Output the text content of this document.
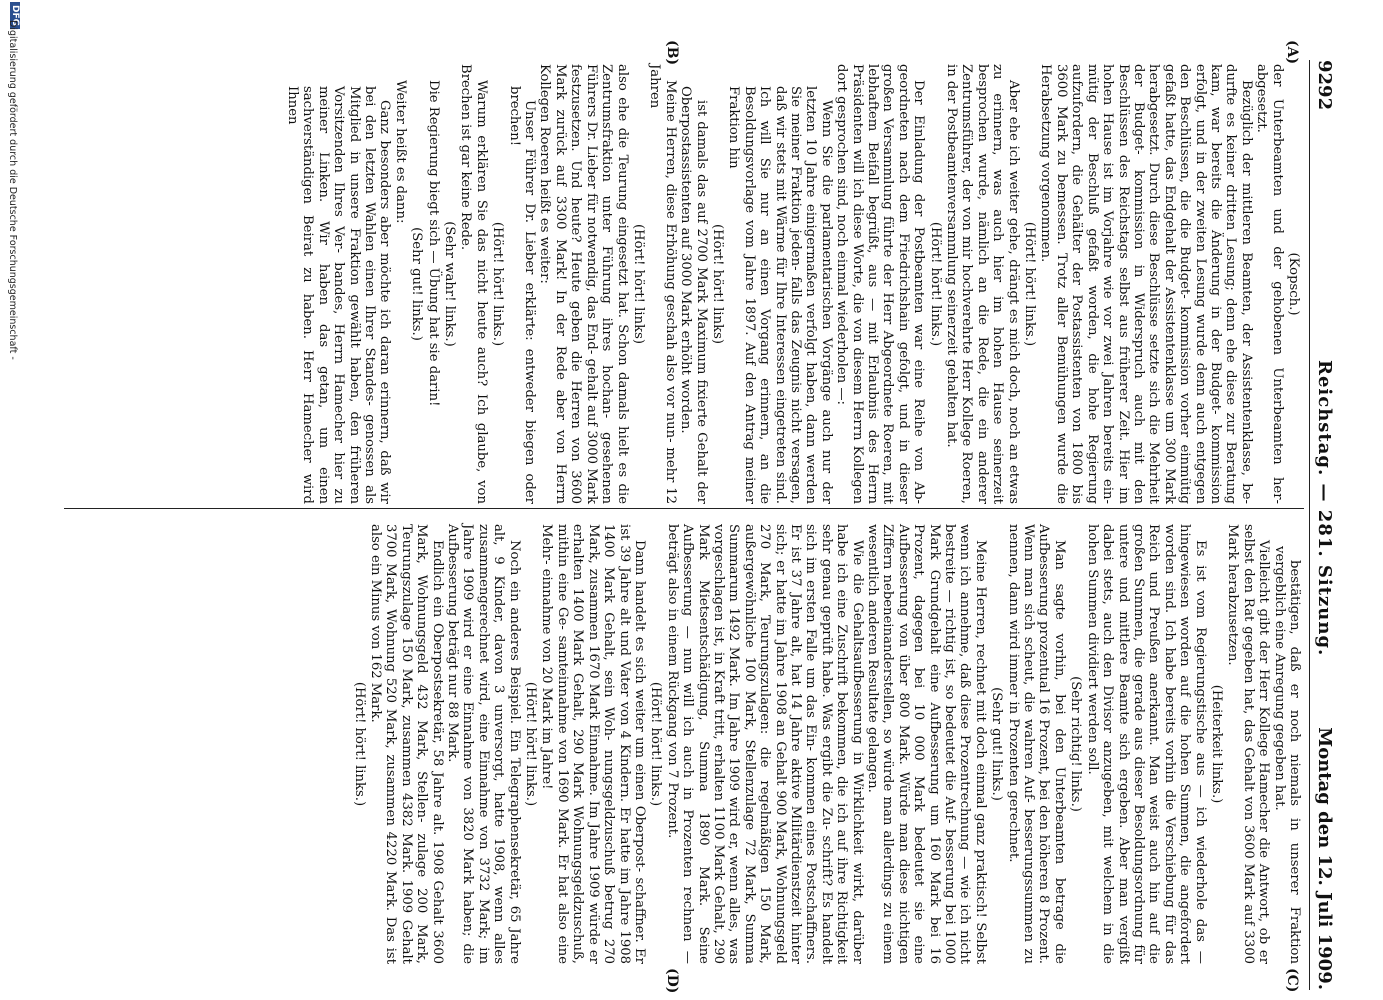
9292
Reichstag. — 281. Sitzung.
Montag den 12. Juli 1909.
(A)
(B)
(C)
(D)

(Kopsch.)

der Unterbeamten und der gehobenen Unterbeamten her- abgesetzt.

Bezüglich der mittleren Beamten, der Assistentenklasse, be- durfte es keiner dritten Lesung; denn ehe diese zur Beratung kam, war bereits die Änderung in der Budget- kommission erfolgt, und in der zweiten Lesung wurde denn auch entgegen den Beschlüssen, die die Budget- kommission vorher einmütig gefaßt hatte, das Endgehalt der Assistentenklasse um 300 Mark herabgesetzt. Durch diese Beschlüsse setzte sich die Mehrheit der Budget- kommission in Widerspruch auch mit den Beschlüssen des Reichstags selbst aus früherer Zeit. Hier im hohen Hause ist im Vorjahre wie vor zwei Jahren bereits ein- mütig der Beschluß gefaßt worden, die hohe Regierung aufzufordern, die Gehälter der Postassistenten von 1800 bis 3600 Mark zu bemessen. Trotz aller Bemühungen wurde die Herabsetzung vorgenommen.

(Hört! hört! links.)

Aber ehe ich weiter gehe, drängt es mich doch, noch an etwas zu erinnern, was auch hier im hohen Hause seinerzeit besprochen wurde, nämlich an die Rede, die ein anderer Zentrumsführer, der von mir hochverehrte Herr Kollege Roeren, in der Postbeamtenversammlung seinerzeit gehalten hat.

(Hört! hört! links.)

Der Einladung der Postbeamten war eine Reihe von Ab- geordneten nach dem Friedrichshain gefolgt, und in dieser großen Versammlung führte der Herr Abgeordnete Roeren, mit lebhaftem Beifall begrüßt, aus — mit Erlaubnis des Herrn Präsidenten will ich diese Worte, die von diesem Herrn Kollegen dort gesprochen sind, noch einmal wiederholen —:

Wenn Sie die parlamentarischen Vorgänge auch nur der letzten 10 Jahre einigermaßen verfolgt haben, dann werden Sie meiner Fraktion jeden- falls das Zeugnis nicht versagen, daß wir stets mit Wärme für Ihre Interessen eingetreten sind. Ich will Sie nur an einen Vorgang erinnern, an die Besoldungsvorlage vom Jahre 1897. Auf den Antrag meiner Fraktion hin

(Hört! hört! links)

ist damals das auf 2700 Mark Maximum fixierte Gehalt der Oberpostassistenten auf 3000 Mark erhöht worden.

Meine Herren, diese Erhöhung geschah also vor nun- mehr 12 Jahren

(Hört! hört! links)

also ehe die Teurung eingesetzt hat. Schon damals hielt es die Zentrumsfraktion unter Führung ihres hochan- gesehenen Führers Dr. Lieber für notwendig, das End- gehalt auf 3000 Mark festzusetzen. Und heute? Heute geben die Herren von 3600 Mark zurück auf 3300 Mark! In der Rede aber von Herrn Kollegen Roeren heißt es weiter:

Unser Führer Dr. Lieber erklärte: entweder biegen oder brechen!

(Hört! hört! links.)

Warum erklären Sie das nicht heute auch? Ich glaube, von Brechen ist gar keine Rede.

(Sehr wahr! links.)

Die Regierung biegt sich — Übung hat sie darin!

(Sehr gut! links.)

Weiter heißt es dann:

Ganz besonders aber möchte ich daran erinnern, daß wir bei den letzten Wahlen einen Ihrer Standes- genossen als Mitglied in unsere Fraktion gewählt haben, den früheren Vorsitzenden Ihres Ver- bandes, Herrn Hamecher hier zu meiner Linken. Wir haben das getan, um einen sachverständigen Beirat zu haben. Herr Hamecher wird Ihnen

bestätigen, daß er noch niemals in unserer Fraktion vergeblich eine Anregung gegeben hat.

Vielleicht gibt der Herr Kollege Hamecher die Antwort, ob er selbst den Rat gegeben hat, das Gehalt von 3600 Mark auf 3300 Mark herabzusetzen.

(Heiterkeit links.)

Es ist vom Regierungstische aus — ich wiederhole das — hingewiesen worden auf die hohen Summen, die angefordert worden sind. Ich habe bereits vorhin die Verschiebung für das Reich und Preußen anerkannt. Man weist auch hin auf die großen Summen, die gerade aus dieser Besoldungsordnung für untere und mittlere Beamte sich ergeben. Aber man vergißt dabei stets, auch den Divisor anzugeben, mit welchem in die hohen Summen dividiert werden soll.

(Sehr richtig! links.)

Man sagte vorhin, bei den Unterbeamten betrage die Aufbesserung prozentual 16 Prozent, bei den höheren 8 Prozent. Wenn man sich scheut, die wahren Auf- besserungssummen zu nennen, dann wird immer in Prozenten gerechnet.

(Sehr gut! links.)

Meine Herren, rechnet mit doch einmal ganz praktisch! Selbst wenn ich annehme, daß diese Prozentrechnung — wie ich nicht bestreite — richtig ist, so bedeutet die Auf- besserung bei 1000 Mark Grundgehalt eine Aufbesserung um 160 Mark bei 16 Prozent, dagegen bei 10 000 Mark bedeutet sie eine Aufbesserung von über 800 Mark. Würde man diese nichtigen Ziffern nebeneinanderstellen, so würde man allerdings zu einem wesentlich anderen Resultate gelangen.

Wie die Gehaltsaufbesserung in Wirklichkeit wirkt, darüber habe ich eine Zuschrift bekommen, die ich auf ihre Richtigkeit sehr genau geprüft habe. Was ergibt die Zu- schrift? Es handelt sich im ersten Falle um das Ein- kommen eines Postschaffners. Er ist 37 Jahre alt, hat 14 Jahre aktive Militärdienstzeit hinter sich; er hatte im Jahre 1908 an Gehalt 900 Mark, Wohnungsgeld 270 Mark, Teurungszulagen: die regelmäßigen 150 Mark, außergewöhnliche 100 Mark, Stellenzulage 72 Mark, Summa Summarum 1492 Mark. Im Jahre 1909 wird er, wenn alles, was vorgeschlagen ist, in Kraft tritt, erhalten 1100 Mark Gehalt, 290 Mark Mietsentschädigung, Summa 1890 Mark. Seine Aufbesserung — nun will ich auch in Prozenten rechnen — beträgt also in einem Rückgang von 7 Prozent.

(Hört! hört! links.)

Dann handelt es sich weiter um einen Oberpost- schaffner. Er ist 39 Jahre alt und Vater von 4 Kindern. Er hatte im Jahre 1908 1400 Mark Gehalt, sein Woh- nungsgeldzuschuß betrug 270 Mark, zusammen 1670 Mark Einnahme. Im Jahre 1909 würde er erhalten 1400 Mark Gehalt, 290 Mark Wohnungsgeldzuschuß, mithin eine Ge- samteinnahme von 1690 Mark. Er hat also eine Mehr- einnahme von 20 Mark im Jahre!

(Hört! hört! links.)

Noch ein anderes Beispiel. Ein Telegraphensekretär, 65 Jahre alt, 9 Kinder, davon 3 unversorgt, hatte 1908, wenn alles zusammengerechnet wird, eine Einnahme von 3732 Mark; im Jahre 1909 wird er eine Einnahme von 3820 Mark haben; die Aufbesserung beträgt nur 88 Mark.

Endlich ein Oberpostsekretär, 58 Jahre alt. 1908 Gehalt 3600 Mark, Wohnungsgeld 432 Mark, Stellen- zulage 200 Mark, Teurungszulage 150 Mark, zusammen 4382 Mark. 1909 Gehalt 3700 Mark, Wohnung 520 Mark, zusammen 4220 Mark. Das ist also ein Minus von 162 Mark.

(Hört! hört! links.)

DFG
Digitalisierung gefördert durch die Deutsche Forschungsgemeinschaft -
